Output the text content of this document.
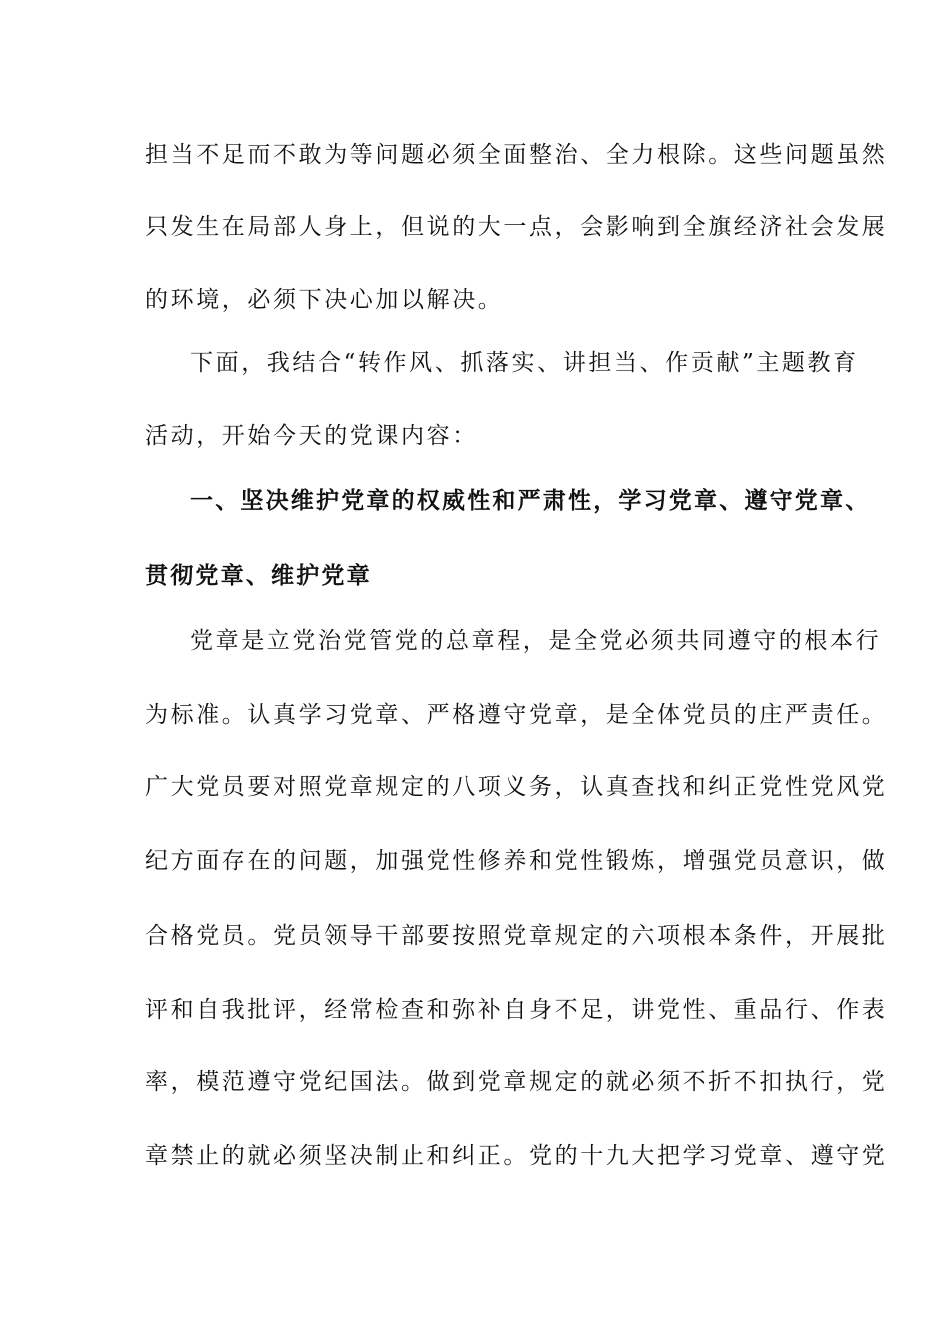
担当不足而不敢为等问题必须全面整治、全力根除。这些问题虽然
只发生在局部人身上，但说的大一点，会影响到全旗经济社会发展
的环境，必须下决心加以解决。
下面，我结合“转作风、抓落实、讲担当、作贡献”主题教育
活动，开始今天的党课内容：
一、坚决维护党章的权威性和严肃性，学习党章、遵守党章、
贯彻党章、维护党章
党章是立党治党管党的总章程，是全党必须共同遵守的根本行
为标准。认真学习党章、严格遵守党章，是全体党员的庄严责任。
广大党员要对照党章规定的八项义务，认真查找和纠正党性党风党
纪方面存在的问题，加强党性修养和党性锻炼，增强党员意识，做
合格党员。党员领导干部要按照党章规定的六项根本条件，开展批
评和自我批评，经常检查和弥补自身不足，讲党性、重品行、作表
率，模范遵守党纪国法。做到党章规定的就必须不折不扣执行，党
章禁止的就必须坚决制止和纠正。党的十九大把学习党章、遵守党
